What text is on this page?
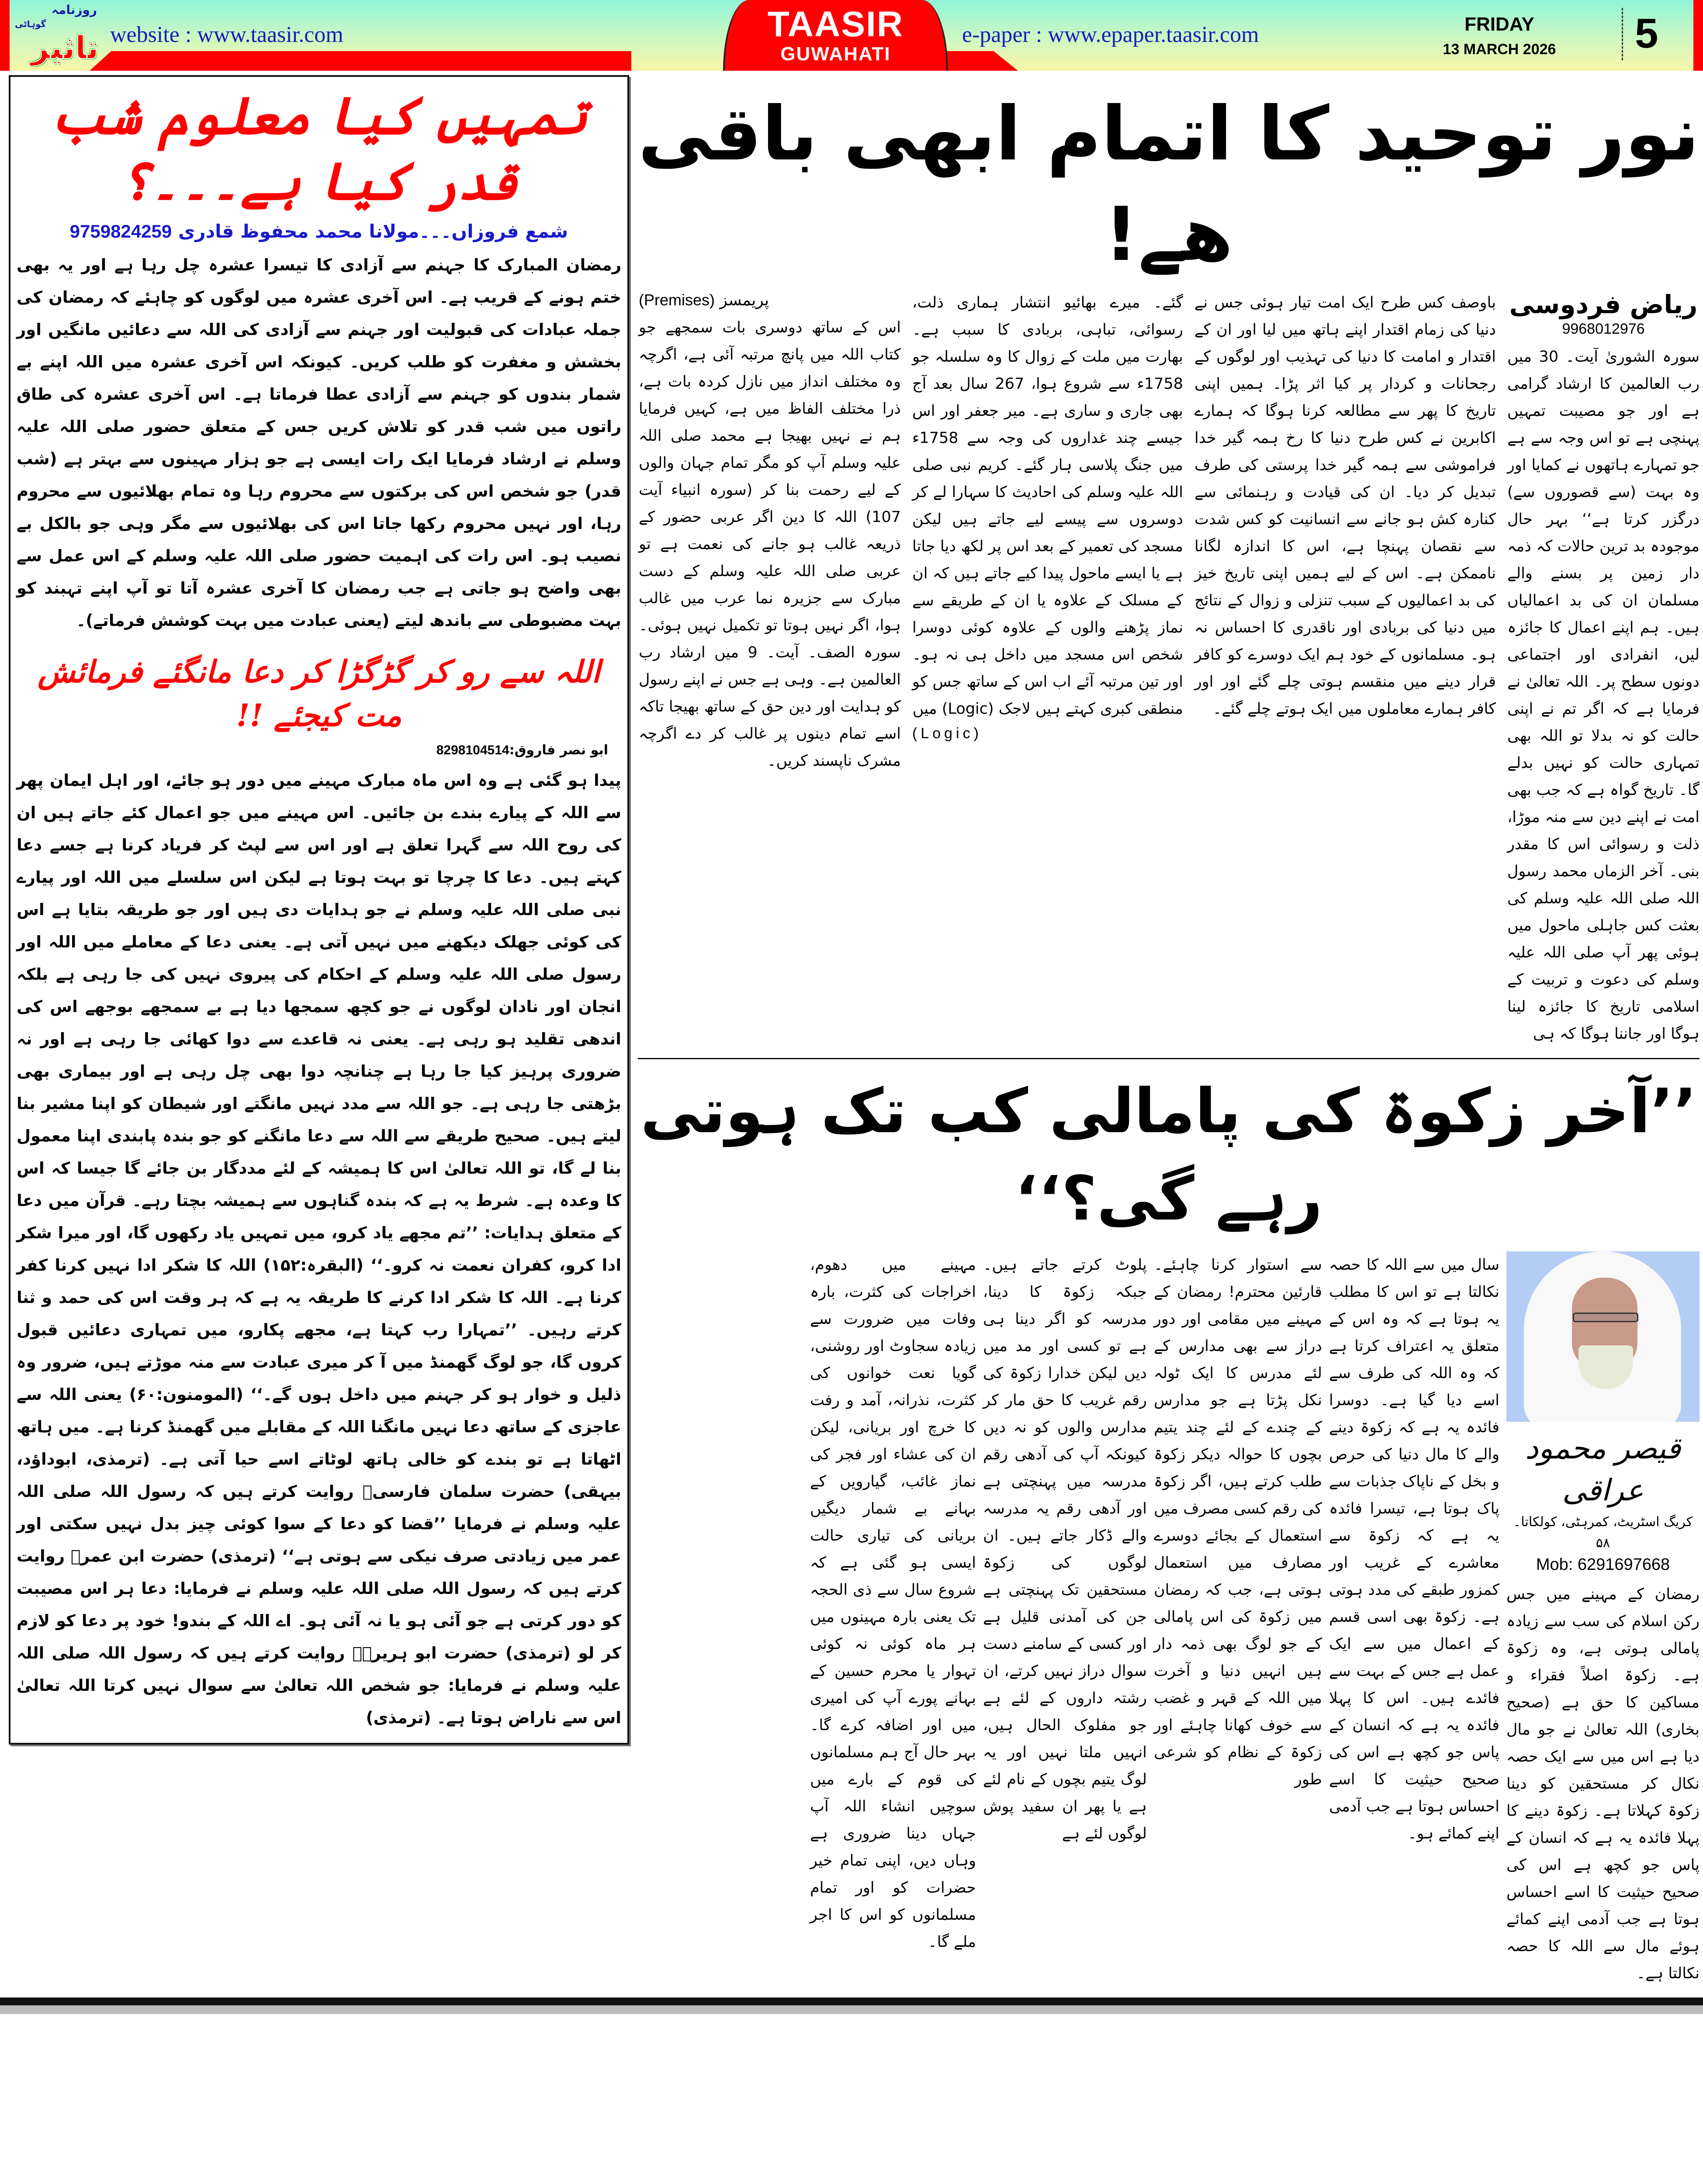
روزنامہ
گوہاٹی
تاثیر website : www.taasir.com	TAASIR
GUWAHATI
e-paper : www.epaper.taasir.com	FRIDAY
13 MARCH 2026	5
نور توحید کا اتمام ابھی باقی ھے!
ریاض فردوسی
9968012976
سورہ الشوریٰ آیت۔ 30 میں رب العالمین کا ارشاد گرامی ہے اور جو مصیبت تمہیں پہنچی ہے تو اس وجہ سے ہے جو تمہارے ہاتھوں نے کمایا اور وہ بہت (سے قصوروں سے) درگزر کرتا ہے‘‘ بہر حال موجودہ بد ترین حالات کہ ذمہ دار زمین پر بسنے والے مسلمان ان کی بد اعمالیاں ہیں۔ ہم اپنے اعمال کا جائزہ لیں، انفرادی اور اجتماعی دونوں سطح پر۔ اللہ تعالیٰ نے فرمایا ہے کہ اگر تم نے اپنی حالت کو نہ بدلا تو اللہ بھی تمہاری حالت کو نہیں بدلے گا۔ تاریخ گواہ ہے کہ جب بھی امت نے اپنے دین سے منہ موڑا، ذلت و رسوائی اس کا مقدر بنی۔ آخر الزماں محمد رسول اللہ صلی اللہ علیہ وسلم کی بعثت کس جاہلی ماحول میں ہوئی پھر آپ صلی اللہ علیہ وسلم کی دعوت و تربیت کے اسلامی تاریخ کا جائزہ لینا ہوگا اور جاننا ہوگا کہ ہی
باوصف کس طرح ایک امت تیار ہوئی جس نے دنیا کی زمام اقتدار اپنے ہاتھ میں لیا اور ان کے اقتدار و امامت کا دنیا کی تہذیب اور لوگوں کے رجحانات و کردار پر کیا اثر پڑا۔ ہمیں اپنی تاریخ کا پھر سے مطالعہ کرنا ہوگا کہ ہمارے اکابرین نے کس طرح دنیا کا رخ ہمہ گیر خدا فراموشی سے ہمہ گیر خدا پرستی کی طرف تبدیل کر دیا۔ ان کی قیادت و رہنمائی سے کنارہ کش ہو جانے سے انسانیت کو کس شدت سے نقصان پہنچا ہے، اس کا اندازہ لگانا ناممکن ہے۔ اس کے لیے ہمیں اپنی تاریخ خیز کی بد اعمالیوں کے سبب تنزلی و زوال کے نتائج میں دنیا کی بربادی اور ناقدری کا احساس نہ ہو۔ مسلمانوں کے خود ہم ایک دوسرے کو کافر قرار دینے میں منقسم ہوتی چلے گئے اور اور کافر ہمارے معاملوں میں ایک ہوتے چلے گئے۔
گئے۔ میرے بھائیو انتشار ہماری ذلت، رسوائی، تباہی، بربادی کا سبب ہے۔ بھارت میں ملت کے زوال کا وہ سلسلہ جو 1758ء سے شروع ہوا، 267 سال بعد آج بھی جاری و ساری ہے۔ میر جعفر اور اس جیسے چند غداروں کی وجہ سے 1758ء میں جنگ پلاسی ہار گئے۔ کریم نبی صلی اللہ علیہ وسلم کی احادیث کا سہارا لے کر دوسروں سے پیسے لیے جاتے ہیں لیکن مسجد کی تعمیر کے بعد اس پر لکھ دیا جاتا ہے یا ایسے ماحول پیدا کیے جاتے ہیں کہ ان کے مسلک کے علاوہ یا ان کے طریقے سے نماز پڑھنے والوں کے علاوہ کوئی دوسرا شخص اس مسجد میں داخل ہی نہ ہو۔ اور تین مرتبہ آئے اب اس کے ساتھ جس کو منطقی کبری کہتے ہیں لاجک (Logic) میں
(Logic)
پریمسز (Premises)
اس کے ساتھ دوسری بات سمجھے جو کتاب اللہ میں پانچ مرتبہ آئی ہے، اگرچہ وہ مختلف انداز میں نازل کردہ بات ہے، ذرا مختلف الفاظ میں ہے، کہیں فرمایا ہم نے نہیں بھیجا ہے محمد صلی اللہ علیہ وسلم آپ کو مگر تمام جہان والوں کے لیے رحمت بنا کر (سورہ انبیاء آیت 107) اللہ کا دین اگر عربی حضور کے ذریعہ غالب ہو جانے کی نعمت ہے تو عربی صلی اللہ علیہ وسلم کے دست مبارک سے جزیرہ نما عرب میں غالب ہوا، اگر نہیں ہوتا تو تکمیل نہیں ہوئی۔ سورہ الصف۔ آیت۔ 9 میں ارشاد رب العالمین ہے۔ وہی ہے جس نے اپنے رسول کو ہدایت اور دین حق کے ساتھ بھیجا تاکہ اسے تمام دینوں پر غالب کر دے اگرچہ مشرک ناپسند کریں۔
’’آخر زکوۃ کی پامالی کب تک ہوتی رہے گی؟‘‘
قیصر محمود عراقی
کریگ اسٹریٹ، کمرہٹی، کولکاتا۔۵۸
Mob: 6291697668
رمضان کے مہینے میں جس رکن اسلام کی سب سے زیادہ پامالی ہوتی ہے، وہ زکوۃ ہے۔ زکوۃ اصلاً فقراء و مساکین کا حق ہے (صحیح بخاری) اللہ تعالیٰ نے جو مال دیا ہے اس میں سے ایک حصہ نکال کر مستحقین کو دینا زکوۃ کہلاتا ہے۔ زکوۃ دینے کا پہلا فائدہ یہ ہے کہ انسان کے پاس جو کچھ ہے اس کی صحیح حیثیت کا اسے احساس ہوتا ہے جب آدمی اپنے کمائے ہوئے مال سے اللہ کا حصہ نکالتا ہے۔
سال میں سے اللہ کا حصہ نکالتا ہے تو اس کا مطلب یہ ہوتا ہے کہ وہ اس کے متعلق یہ اعتراف کرتا ہے کہ وہ اللہ کی طرف سے اسے دیا گیا ہے۔ دوسرا فائدہ یہ ہے کہ زکوۃ دینے والے کا مال دنیا کی حرص و بخل کے ناپاک جذبات سے پاک ہوتا ہے، تیسرا فائدہ یہ ہے کہ زکوۃ سے معاشرے کے غریب اور کمزور طبقے کی مدد ہوتی ہے۔ زکوۃ بھی اسی قسم کے اعمال میں سے ایک عمل ہے جس کے بہت سے فائدے ہیں۔ اس کا پہلا فائدہ یہ ہے کہ انسان کے پاس جو کچھ ہے اس کی صحیح حیثیت کا اسے احساس ہوتا ہے جب آدمی اپنے کمائے ہو۔
سے استوار کرنا چاہئے۔ قارئین محترم! رمضان کے مہینے میں مقامی اور دور دراز سے بھی مدارس کے لئے مدرس کا ایک ٹولہ نکل پڑتا ہے جو مدارس کے چندے کے لئے چند یتیم بچوں کا حوالہ دیکر زکوۃ طلب کرتے ہیں، اگر زکوۃ کی رقم کسی مصرف میں استعمال کے بجائے دوسرے مصارف میں استعمال ہوتی ہے، جب کہ رمضان میں زکوۃ کی اس پامالی کے جو لوگ بھی ذمہ دار ہیں انہیں دنیا و آخرت میں اللہ کے قہر و غضب سے خوف کھانا چاہئے اور زکوۃ کے نظام کو شرعی طور
پلوٹ کرتے جاتے ہیں۔ جبکہ زکوۃ کا دینا، مدرسہ کو اگر دینا ہی ہے تو کسی اور مد میں دیں لیکن خدارا زکوۃ کی رقم غریب کا حق مار کر مدارس والوں کو نہ دیں کیونکہ آپ کی آدھی رقم مدرسہ میں پہنچتی ہے اور آدھی رقم یہ مدرسہ والے ڈکار جاتے ہیں۔ ان لوگوں کی زکوۃ مستحقین تک پہنچتی ہے جن کی آمدنی قلیل ہے اور کسی کے سامنے دست سوال دراز نہیں کرتے، ان رشتہ داروں کے لئے ہے جو مفلوک الحال ہیں، انہیں ملتا نہیں اور یہ لوگ یتیم بچوں کے نام لئے ہے یا پھر ان سفید پوش لوگوں لئے ہے
مہینے میں دھوم، اخراجات کی کثرت، بارہ وفات میں ضرورت سے زیادہ سجاوٹ اور روشنی، گویا نعت خوانوں کی کثرت، نذرانہ، آمد و رفت کا خرچ اور بریانی، لیکن ان کی عشاء اور فجر کی نماز غائب، گیارویں کے بہانے بے شمار دیگیں بریانی کی تیاری حالت ایسی ہو گئی ہے کہ شروع سال سے ذی الحجہ تک یعنی بارہ مہینوں میں ہر ماہ کوئی نہ کوئی تہوار یا محرم حسین کے بہانے پورے آپ کی امیری میں اور اضافہ کرے گا۔ بہر حال آج ہم مسلمانوں کی قوم کے بارے میں سوچیں انشاء اللہ آپ جہاں دینا ضروری ہے وہاں دیں، اپنی تمام خیر حضرات کو اور تمام مسلمانوں کو اس کا اجر ملے گا۔
تمہیں کیا معلوم شب قدر کیا ہے۔۔۔؟
شمع فروزاں۔۔۔مولانا محمد محفوظ قادری 9759824259
رمضان المبارک کا جہنم سے آزادی کا تیسرا عشرہ چل رہا ہے اور یہ بھی ختم ہونے کے قریب ہے۔ اس آخری عشرہ میں لوگوں کو چاہئے کہ رمضان کی جملہ عبادات کی قبولیت اور جہنم سے آزادی کی اللہ سے دعائیں مانگیں اور بخشش و مغفرت کو طلب کریں۔ کیونکہ اس آخری عشرہ میں اللہ اپنے بے شمار بندوں کو جہنم سے آزادی عطا فرماتا ہے۔ اس آخری عشرہ کی طاق راتوں میں شب قدر کو تلاش کریں جس کے متعلق حضور صلی اللہ علیہ وسلم نے ارشاد فرمایا ایک رات ایسی ہے جو ہزار مہینوں سے بہتر ہے (شب قدر) جو شخص اس کی برکتوں سے محروم رہا وہ تمام بھلائیوں سے محروم رہا، اور نہیں محروم رکھا جاتا اس کی بھلائیوں سے مگر وہی جو بالکل بے نصیب ہو۔ اس رات کی اہمیت حضور صلی اللہ علیہ وسلم کے اس عمل سے بھی واضح ہو جاتی ہے جب رمضان کا آخری عشرہ آتا تو آپ اپنے تہبند کو بہت مضبوطی سے باندھ لیتے (یعنی عبادت میں بہت کوشش فرماتے)۔
اللہ سے رو کر گڑگڑا کر دعا مانگئے فرمائش مت کیجئے !!
ابو نصر فاروق:8298104514
پیدا ہو گئی ہے وہ اس ماہ مبارک مہینے میں دور ہو جائے، اور اہل ایمان پھر سے اللہ کے پیارے بندے بن جائیں۔ اس مہینے میں جو اعمال کئے جاتے ہیں ان کی روح اللہ سے گہرا تعلق ہے اور اس سے لپٹ کر فریاد کرنا ہے جسے دعا کہتے ہیں۔ دعا کا چرچا تو بہت ہوتا ہے لیکن اس سلسلے میں اللہ اور پیارے نبی صلی اللہ علیہ وسلم نے جو ہدایات دی ہیں اور جو طریقہ بتایا ہے اس کی کوئی جھلک دیکھنے میں نہیں آتی ہے۔ یعنی دعا کے معاملے میں اللہ اور رسول صلی اللہ علیہ وسلم کے احکام کی پیروی نہیں کی جا رہی ہے بلکہ انجان اور نادان لوگوں نے جو کچھ سمجھا دیا ہے بے سمجھے بوجھے اس کی اندھی تقلید ہو رہی ہے۔ یعنی نہ قاعدے سے دوا کھائی جا رہی ہے اور نہ ضروری پرہیز کیا جا رہا ہے چنانچہ دوا بھی چل رہی ہے اور بیماری بھی بڑھتی جا رہی ہے۔ جو اللہ سے مدد نہیں مانگتے اور شیطان کو اپنا مشیر بنا لیتے ہیں۔ صحیح طریقے سے اللہ سے دعا مانگنے کو جو بندہ پابندی اپنا معمول بنا لے گا، تو اللہ تعالیٰ اس کا ہمیشہ کے لئے مددگار بن جائے گا جیسا کہ اس کا وعدہ ہے۔ شرط یہ ہے کہ بندہ گناہوں سے ہمیشہ بچتا رہے۔ قرآن میں دعا کے متعلق ہدایات: ’’تم مجھے یاد کرو، میں تمہیں یاد رکھوں گا، اور میرا شکر ادا کرو، کفران نعمت نہ کرو۔‘‘ (البقرہ:۱۵۲) اللہ کا شکر ادا نہیں کرنا کفر کرنا ہے۔ اللہ کا شکر ادا کرنے کا طریقہ یہ ہے کہ ہر وقت اس کی حمد و ثنا کرتے رہیں۔ ’’تمہارا رب کہتا ہے، مجھے پکارو، میں تمہاری دعائیں قبول کروں گا، جو لوگ گھمنڈ میں آ کر میری عبادت سے منہ موڑتے ہیں، ضرور وہ ذلیل و خوار ہو کر جہنم میں داخل ہوں گے۔‘‘ (المومنون:۶۰) یعنی اللہ سے عاجزی کے ساتھ دعا نہیں مانگنا اللہ کے مقابلے میں گھمنڈ کرنا ہے۔ میں ہاتھ اٹھاتا ہے تو بندے کو خالی ہاتھ لوٹاتے اسے حیا آتی ہے۔ (ترمذی، ابوداؤد، بیہقی) حضرت سلمان فارسیؓ روایت کرتے ہیں کہ رسول اللہ صلی اللہ علیہ وسلم نے فرمایا ’’قضا کو دعا کے سوا کوئی چیز بدل نہیں سکتی اور عمر میں زیادتی صرف نیکی سے ہوتی ہے‘‘ (ترمذی) حضرت ابن عمرؓ روایت کرتے ہیں کہ رسول اللہ صلی اللہ علیہ وسلم نے فرمایا: دعا ہر اس مصیبت کو دور کرتی ہے جو آئی ہو یا نہ آئی ہو۔ اے اللہ کے بندو! خود پر دعا کو لازم کر لو (ترمذی) حضرت ابو ہریرہؓ روایت کرتے ہیں کہ رسول اللہ صلی اللہ علیہ وسلم نے فرمایا: جو شخص اللہ تعالیٰ سے سوال نہیں کرتا اللہ تعالیٰ اس سے ناراض ہوتا ہے۔ (ترمذی)
